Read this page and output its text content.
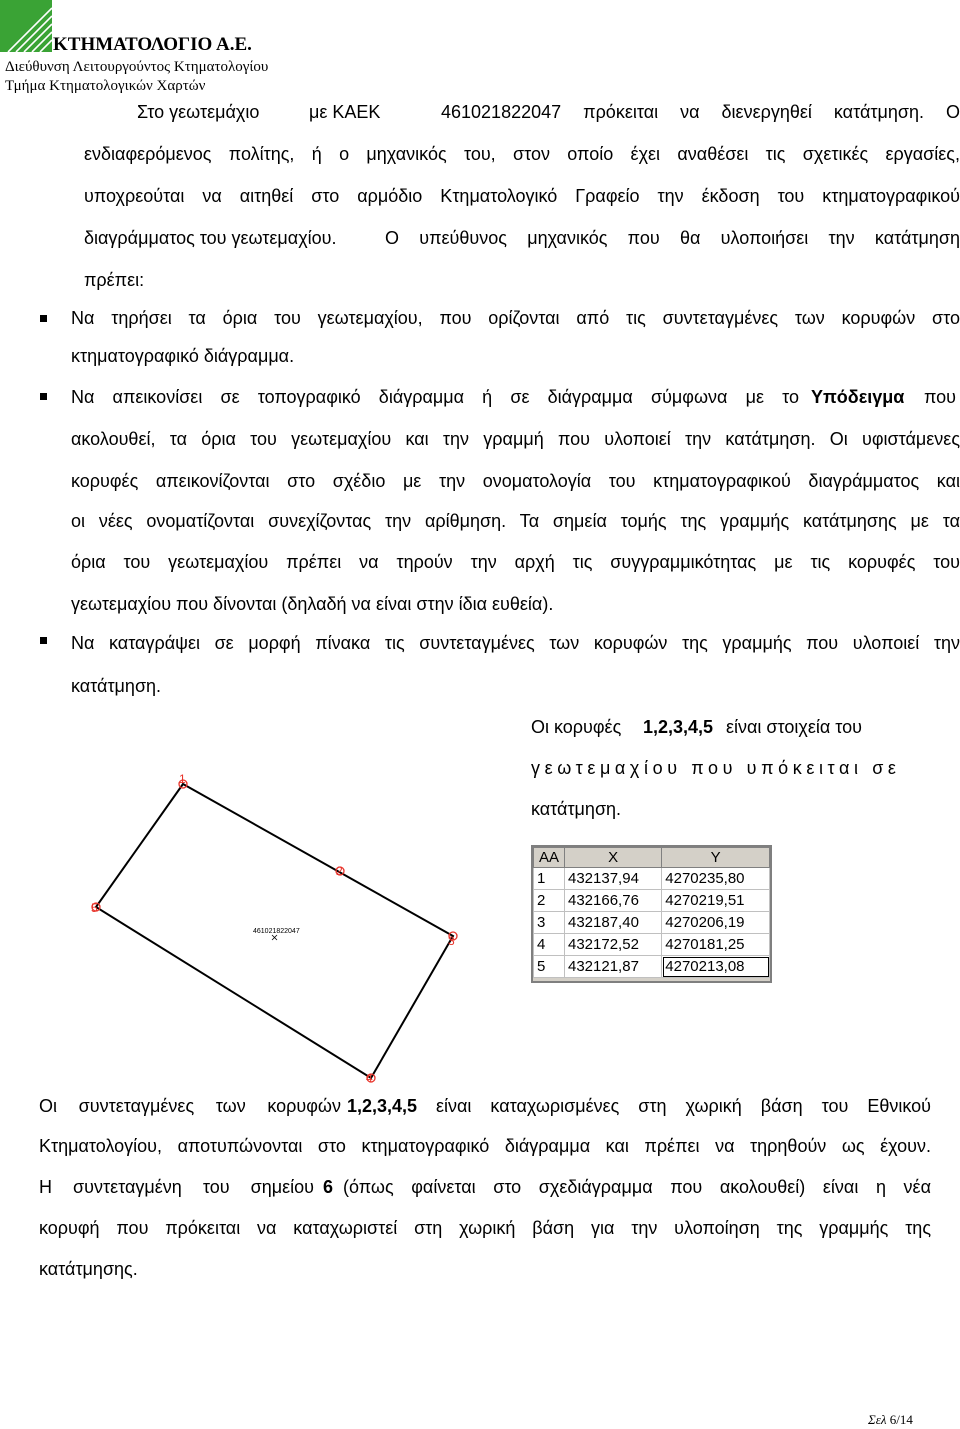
ΚΤΗΜΑΤΟΛΟΓΙΟ Α.Ε.
Διεύθυνση Λειτουργούντος Κτηματολογίου
Τμήμα Κτηματολογικών Χαρτών
Στο γεωτεμάχιο	με ΚΑΕΚ	461021822047 πρόκειται να διενεργηθεί κατάτμηση. Ο
ενδιαφερόμενος πολίτης, ή ο μηχανικός του, στον οποίο έχει αναθέσει τις σχετικές εργασίες,
υποχρεούται να αιτηθεί στο αρμόδιο Κτηματολογικό Γραφείο την έκδοση του κτηματογραφικού
διαγράμματος του γεωτεμαχίου.	Ο υπεύθυνος μηχανικός που θα υλοποιήσει την κατάτμηση
πρέπει:
Να τηρήσει τα όρια του γεωτεμαχίου, που ορίζονται από τις συντεταγμένες των κορυφών στο
κτηματογραφικό διάγραμμα.
Να απεικονίσει σε τοπογραφικό διάγραμμα ή σε διάγραμμα σύμφωνα με το Υπόδειγμα που
ακολουθεί, τα όρια του γεωτεμαχίου και την γραμμή που υλοποιεί την κατάτμηση. Οι υφιστάμενες
κορυφές απεικονίζονται στο σχέδιο με την ονοματολογία του κτηματογραφικού διαγράμματος και
οι νέες ονοματίζονται συνεχίζοντας την αρίθμηση. Τα σημεία τομής της γραμμής κατάτμησης με τα
όρια του γεωτεμαχίου πρέπει να τηρούν την αρχή τις συγγραμμικότητας με τις κορυφές του
γεωτεμαχίου που δίνονται (δηλαδή να είναι στην ίδια ευθεία).
Να καταγράψει σε μορφή πίνακα τις συντεταγμένες των κορυφών της γραμμής που υλοποιεί την
κατάτμηση.
Οι κορυφές 1,2,3,4,5 είναι στοιχεία του
γεωτεμαχίου που υπόκειται σε
κατάτμηση.
1
2
3
4
5
461021822047
AA	X	Y
1	432137,94	4270235,80
2	432166,76	4270219,51
3	432187,40	4270206,19
4	432172,52	4270181,25
5	432121,87	4270213,08
Οι συντεταγμένες των κορυφών 1,2,3,4,5 είναι καταχωρισμένες στη χωρική βάση του Εθνικού
Κτηματολογίου, αποτυπώνονται στο κτηματογραφικό διάγραμμα και πρέπει να τηρηθούν ως έχουν.
Η συντεταγμένη του σημείου 6 (όπως φαίνεται στο σχεδιάγραμμα που ακολουθεί) είναι η νέα
κορυφή που πρόκειται να καταχωριστεί στη χωρική βάση για την υλοποίηση της γραμμής της
κατάτμησης.
Σελ 6/14
